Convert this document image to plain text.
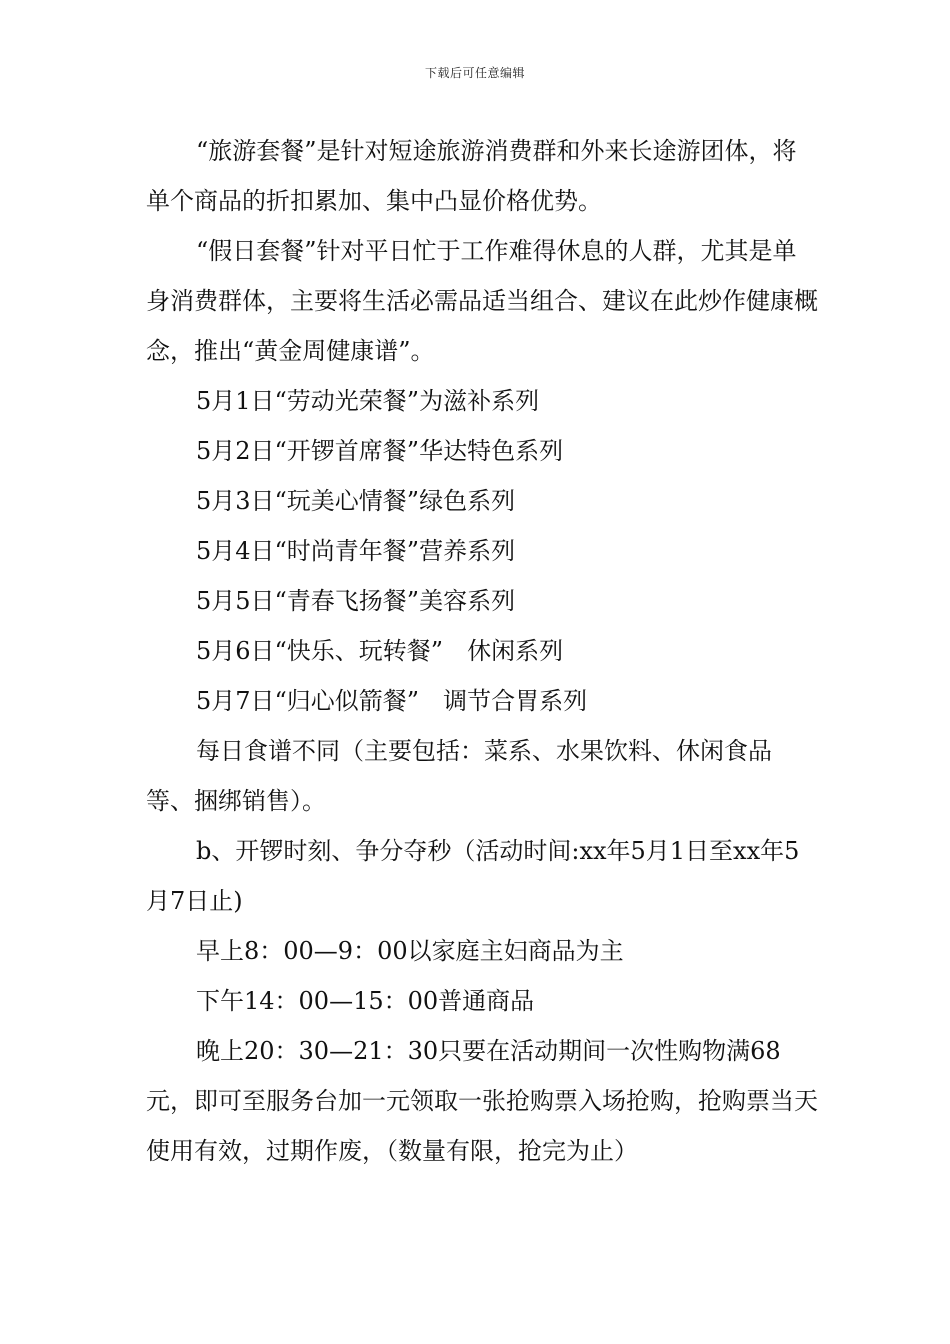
下载后可任意编辑

“旅游套餐”是针对短途旅游消费群和外来长途游团体，将单个商品的折扣累加、集中凸显价格优势。

“假日套餐”针对平日忙于工作难得休息的人群，尤其是单身消费群体，主要将生活必需品适当组合、建议在此炒作健康概念，推出“黄金周健康谱”。

5月1日“劳动光荣餐”为滋补系列

5月2日“开锣首席餐”华达特色系列

5月3日“玩美心情餐”绿色系列

5月4日“时尚青年餐”营养系列

5月5日“青春飞扬餐”美容系列

5月6日“快乐、玩转餐”　休闲系列

5月7日“归心似箭餐”　调节合胃系列

每日食谱不同（主要包括：菜系、水果饮料、休闲食品等、捆绑销售）。

b、开锣时刻、争分夺秒（活动时间:xx年5月1日至xx年5月7日止)

早上8：00—9：00以家庭主妇商品为主

下午14：00—15：00普通商品

晚上20：30—21：30只要在活动期间一次性购物满68元，即可至服务台加一元领取一张抢购票入场抢购，抢购票当天使用有效，过期作废，（数量有限，抢完为止）
